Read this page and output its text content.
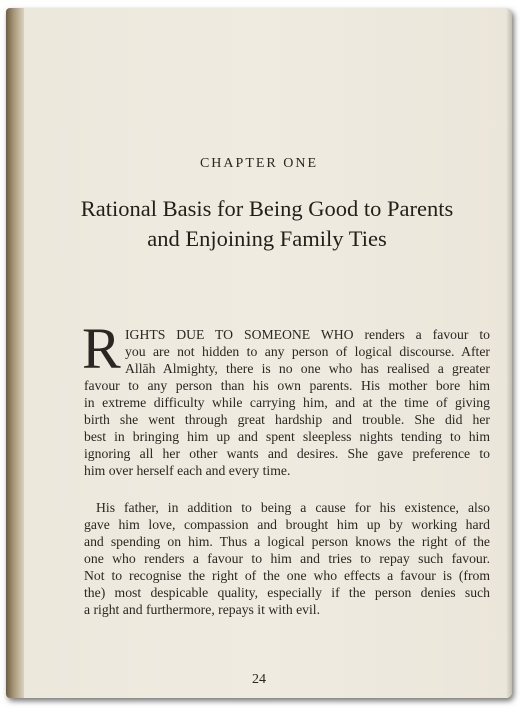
CHAPTER ONE
Rational Basis for Being Good to Parents
and Enjoining Family Ties
R IGHTS DUE TO SOMEONE WHO renders a favour to
you are not hidden to any person of logical discourse. After
Allāh Almighty, there is no one who has realised a greater
favour to any person than his own parents. His mother bore him
in extreme difficulty while carrying him, and at the time of giving
birth she went through great hardship and trouble. She did her
best in bringing him up and spent sleepless nights tending to him
ignoring all her other wants and desires. She gave preference to
him over herself each and every time.
His father, in addition to being a cause for his existence, also
gave him love, compassion and brought him up by working hard
and spending on him. Thus a logical person knows the right of the
one who renders a favour to him and tries to repay such favour.
Not to recognise the right of the one who effects a favour is (from
the) most despicable quality, especially if the person denies such
a right and furthermore, repays it with evil.
24
